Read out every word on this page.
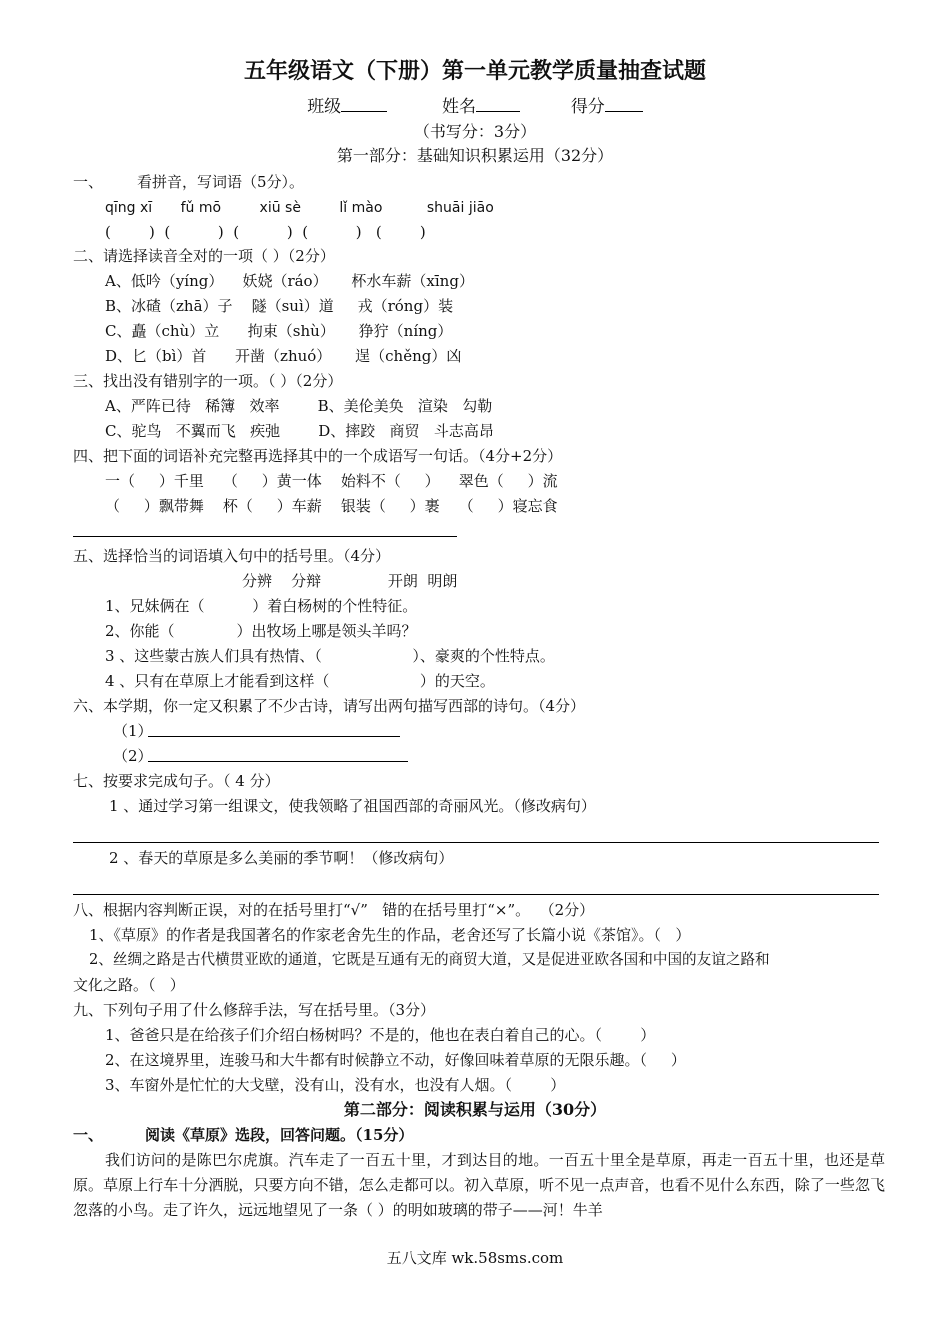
五年级语文（下册）第一单元教学质量抽查试题
班级	姓名	得分
（书写分：3分）
第一部分：基础知识积累运用（32分）
一、 看拼音，写词语（5分）。
qīng xī fǔ mō	xiū sè	lǐ mào	shuāi jiāo
(        )  (          )  (          )  (          )   (        )
二、请选择读音全对的一项（ ）（2分）
A、低吟（yíng）    妖娆（ráo）     杯水车薪（xīng）
B、冰碴（zhā）子    隧（suì）道     戎（róng）装
C、矗（chù）立      拘束（shù）     狰狞（níng）
D、匕（bì）首      开凿（zhuó）     逞（chěng）凶
三、找出没有错别字的一项。（ ）（2分）
A、严阵已待   稀簿   效率        B、美伦美奂   渲染   勾勒
C、驼鸟   不翼而飞   疾弛        D、摔跤   商贸   斗志高昂
四、把下面的词语补充完整再选择其中的一个成语写一句话。（4分+2分）
一（     ）千里    （     ）黄一体    始料不（     ）    翠色（     ）流
（     ）飘带舞    杯（     ）车薪    银装（     ）裹    （     ）寝忘食
五、选择恰当的词语填入句中的括号里。（4分）
分辨    分辩              开朗  明朗
1、兄妹俩在（          ）着白杨树的个性特征。
2、你能（             ）出牧场上哪是领头羊吗？
3 、这些蒙古族人们具有热情、（                   ）、豪爽的个性特点。
4 、只有在草原上才能看到这样（                   ）的天空。
六、本学期，你一定又积累了不少古诗，请写出两句描写西部的诗句。（4分）
（1）
（2）
七、按要求完成句子。（ 4 分）
1 、通过学习第一组课文，使我领略了祖国西部的奇丽风光。（修改病句）
2 、春天的草原是多么美丽的季节啊！（修改病句）
八、根据内容判断正误，对的在括号里打“√”   错的在括号里打“×”。  （2分）
1、《草原》的作者是我国著名的作家老舍先生的作品，老舍还写了长篇小说《茶馆》。（   ）
2、丝绸之路是古代横贯亚欧的通道，它既是互通有无的商贸大道，又是促进亚欧各国和中国的友谊之路和
文化之路。（   ）
九、下列句子用了什么修辞手法，写在括号里。（3分）
1、爸爸只是在给孩子们介绍白杨树吗？不是的，他也在表白着自己的心。（        ）
2、在这境界里，连骏马和大牛都有时候静立不动，好像回味着草原的无限乐趣。（     ）
3、车窗外是忙忙的大戈壁，没有山，没有水，也没有人烟。（        ）
第二部分：阅读积累与运用（30分）
一、	阅读《草原》选段，回答问题。（15分）
我们访问的是陈巴尔虎旗。汽车走了一百五十里，才到达目的地。一百五十里全是草原，再走一百五十里，也还是草原。草原上行车十分洒脱，只要方向不错，怎么走都可以。初入草原，听不见一点声音，也看不见什么东西，除了一些忽飞忽落的小鸟。走了许久，远远地望见了一条（ ）的明如玻璃的带子——河！牛羊
五八文库 wk.58sms.com
